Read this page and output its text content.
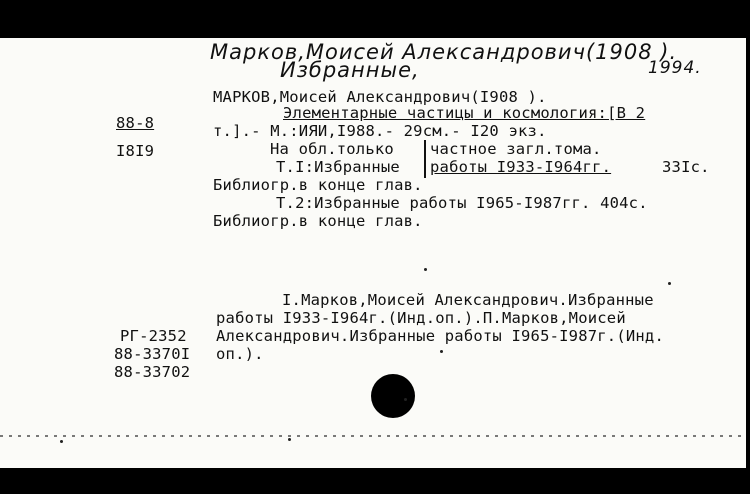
Марков,Моисей Александрович(1908 ).
Избранные,	1994.
88-8
I8I9
МАРКОВ,Моисей Александрович(I908 ).
Элементарные частицы и космология:[В 2
т.].- М.:ИЯИ,I988.- 29см.- I20 экз.
На обл.только частное загл.тома.
Т.I:Избранные работы I933-I964гг.	33Iс.
Библиогр.в конце глав.
Т.2:Избранные работы I965-I987гг. 404с.
Библиогр.в конце глав.
I.Марков,Моисей Александрович.Избранные
работы I933-I964г.(Инд.оп.).П.Марков,Моисей
Александрович.Избранные работы I965-I987г.(Инд.
оп.).
РГ-2352
88-3370I
88-33702
